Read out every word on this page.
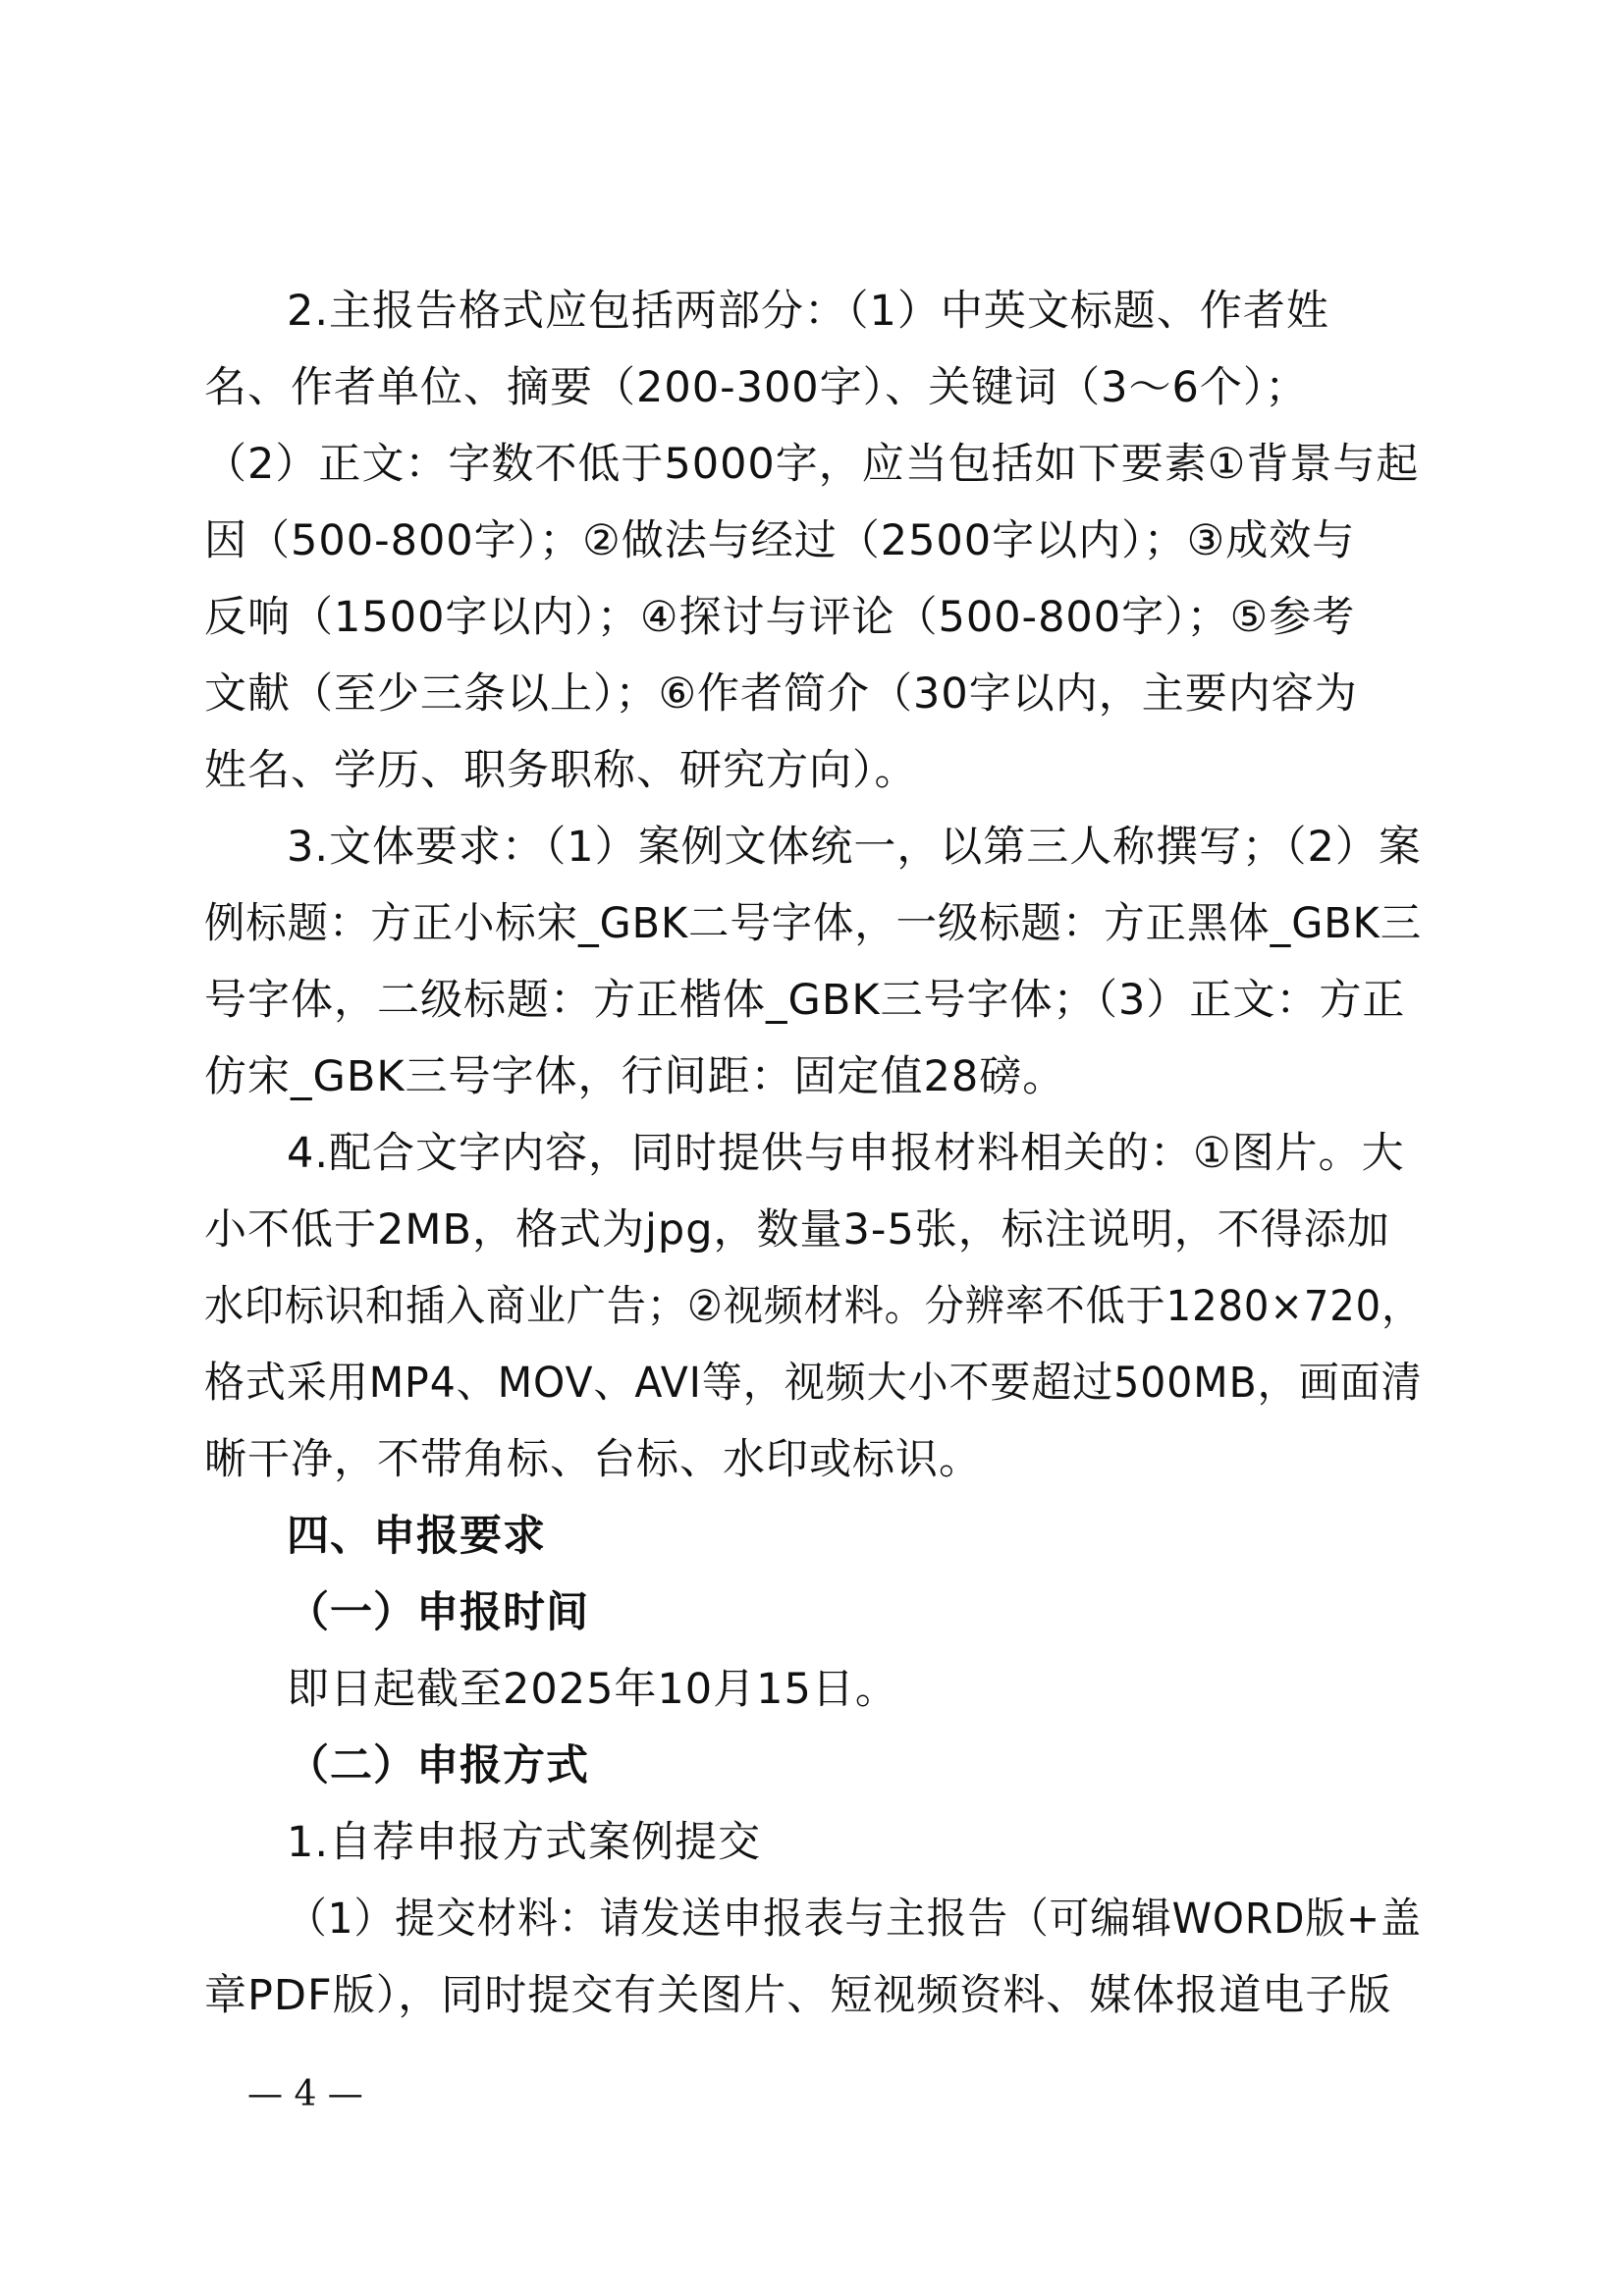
2.主报告格式应包括两部分：（1）中英文标题、作者姓
名、作者单位、摘要（200-300字）、关键词（3～6个）；
（2）正文：字数不低于5000字，应当包括如下要素①背景与起
因（500-800字）；②做法与经过（2500字以内）；③成效与
反响（1500字以内）；④探讨与评论（500-800字）；⑤参考
文献（至少三条以上）；⑥作者简介（30字以内，主要内容为
姓名、学历、职务职称、研究方向）。
3.文体要求：（1）案例文体统一，以第三人称撰写；（2）案
例标题：方正小标宋_GBK二号字体，一级标题：方正黑体_GBK三
号字体，二级标题：方正楷体_GBK三号字体；（3）正文：方正
仿宋_GBK三号字体，行间距：固定值28磅。
4.配合文字内容，同时提供与申报材料相关的：①图片。大
小不低于2MB，格式为jpg，数量3-5张，标注说明，不得添加
水印标识和插入商业广告；②视频材料。分辨率不低于1280×720，
格式采用MP4、MOV、AVI等，视频大小不要超过500MB，画面清
晰干净，不带角标、台标、水印或标识。
四、申报要求
（一）申报时间
即日起截至2025年10月15日。
（二）申报方式
1.自荐申报方式案例提交
（1）提交材料：请发送申报表与主报告（可编辑WORD版+盖
章PDF版），同时提交有关图片、短视频资料、媒体报道电子版
— 4 —
